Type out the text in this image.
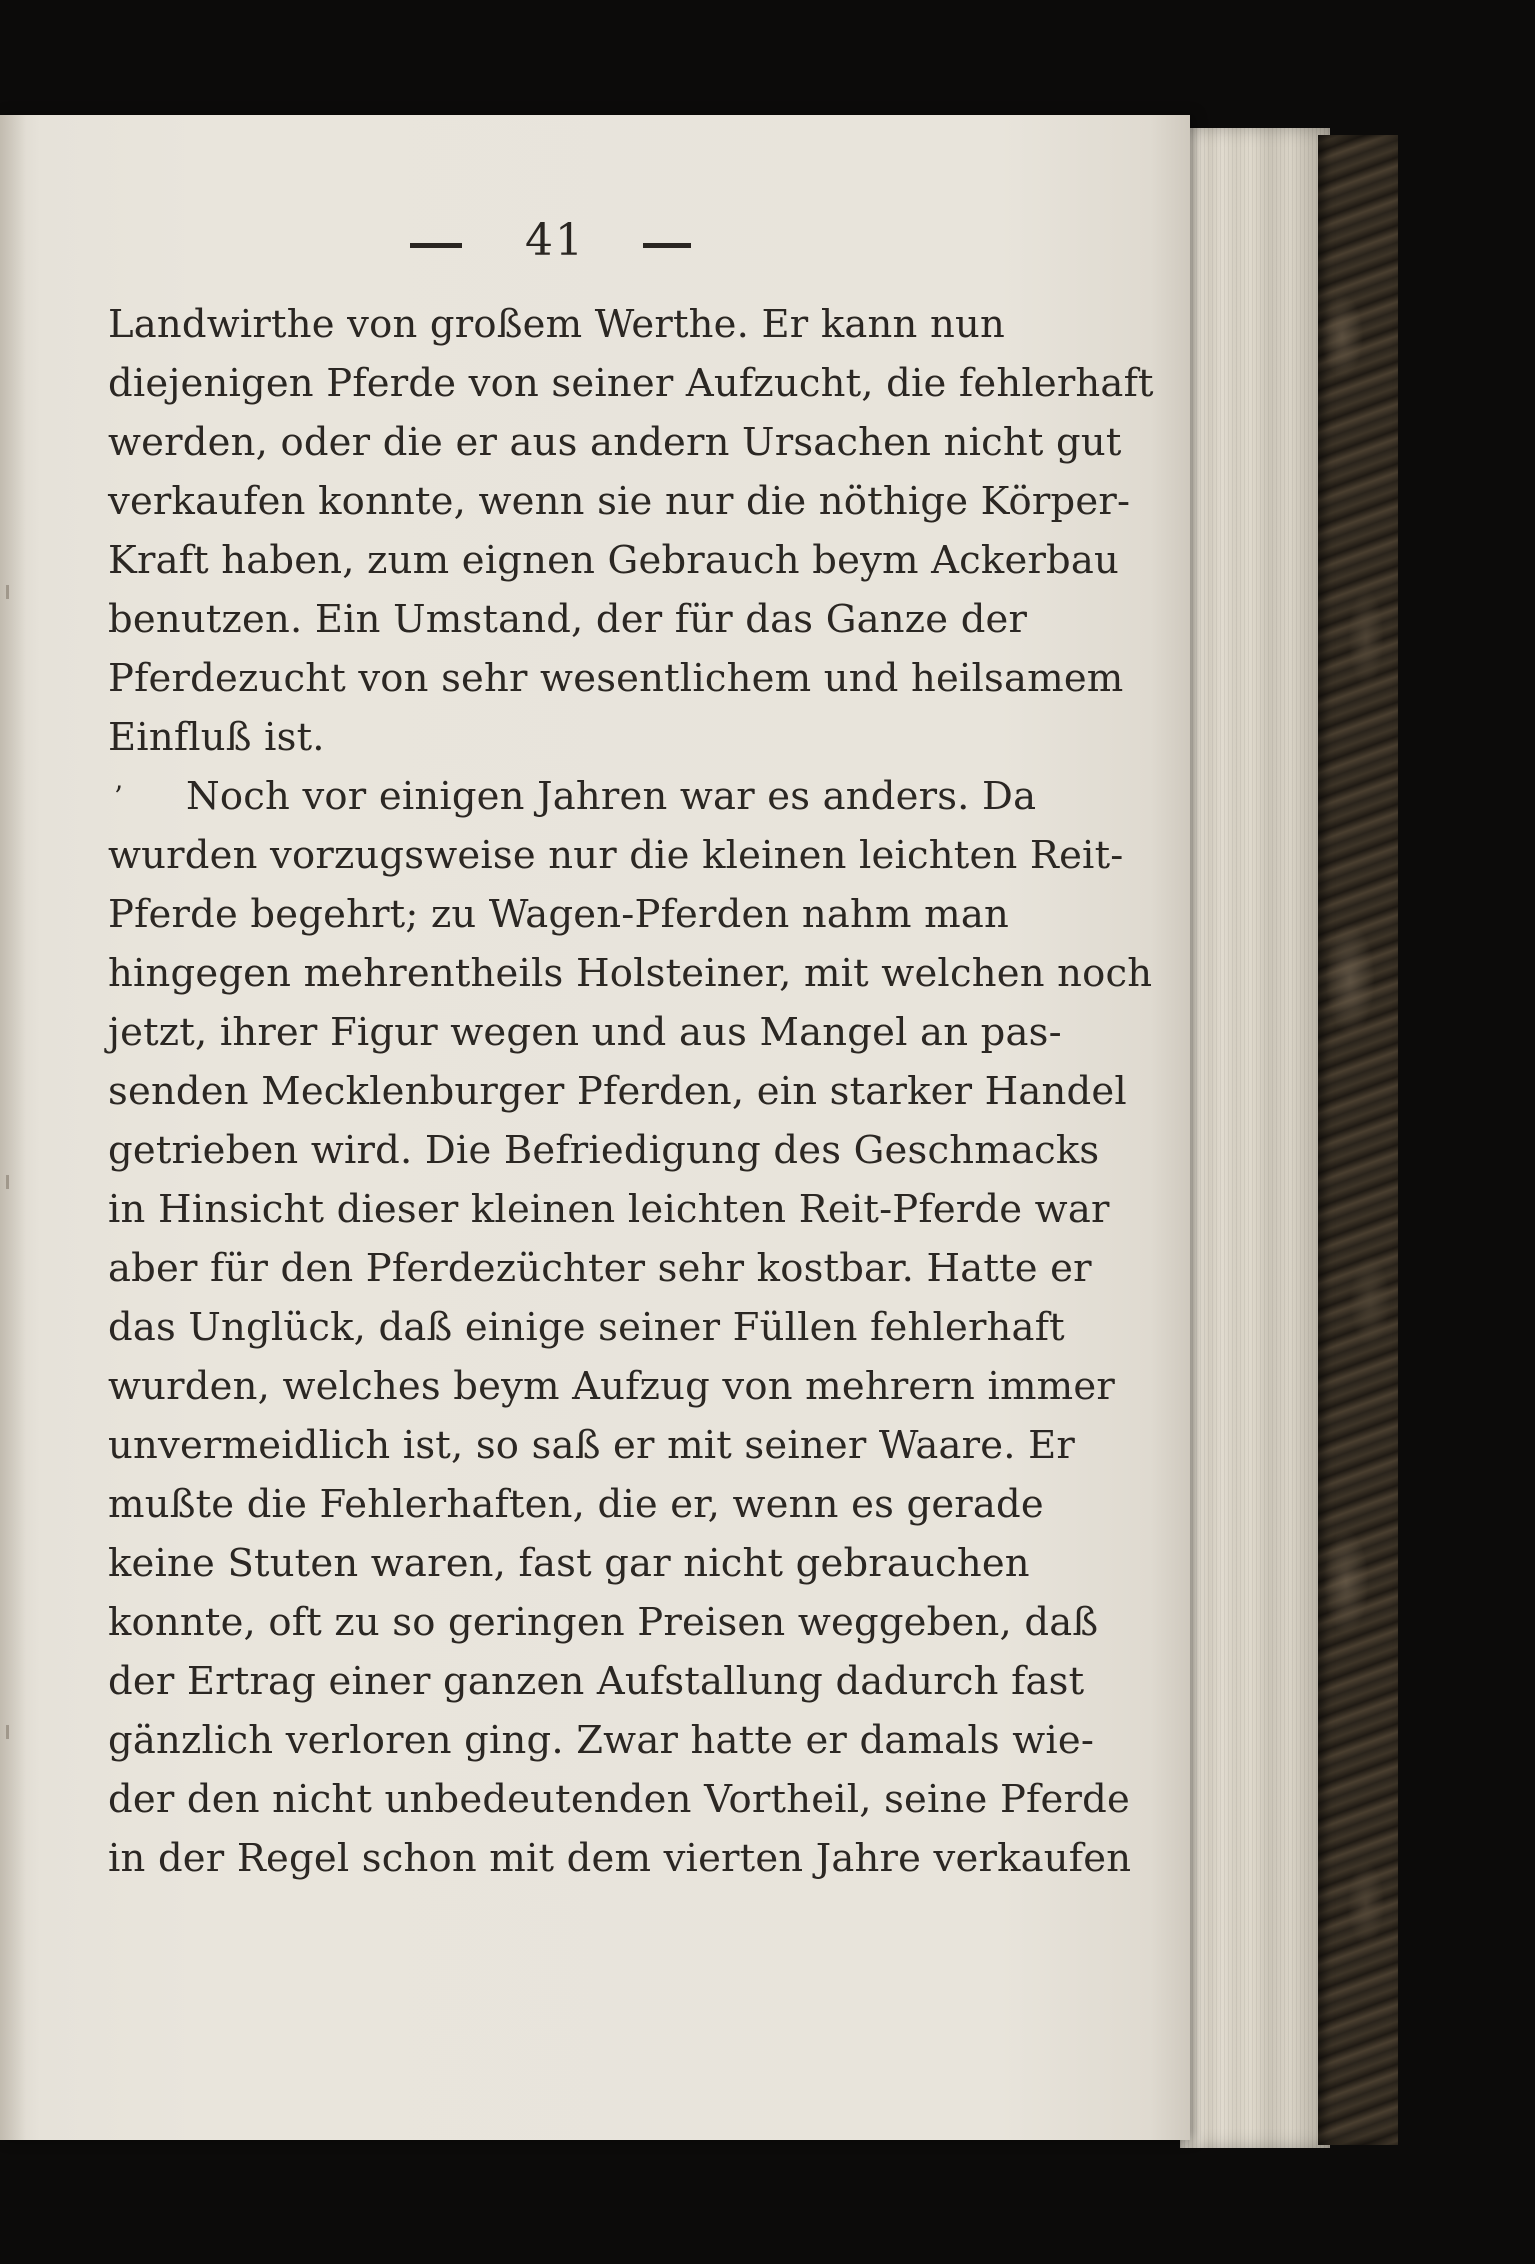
41
Landwirthe von großem Werthe. Er kann nun
diejenigen Pferde von seiner Aufzucht, die fehlerhaft
werden, oder die er aus andern Ursachen nicht gut
verkaufen konnte, wenn sie nur die nöthige Körper-
Kraft haben, zum eignen Gebrauch beym Ackerbau
benutzen. Ein Umstand, der für das Ganze der
Pferdezucht von sehr wesentlichem und heilsamem
Einfluß ist.
’ Noch vor einigen Jahren war es anders. Da
wurden vorzugsweise nur die kleinen leichten Reit-
Pferde begehrt; zu Wagen-Pferden nahm man
hingegen mehrentheils Holsteiner, mit welchen noch
jetzt, ihrer Figur wegen und aus Mangel an pas-
senden Mecklenburger Pferden, ein starker Handel
getrieben wird. Die Befriedigung des Geschmacks
in Hinsicht dieser kleinen leichten Reit-Pferde war
aber für den Pferdezüchter sehr kostbar. Hatte er
das Unglück, daß einige seiner Füllen fehlerhaft
wurden, welches beym Aufzug von mehrern immer
unvermeidlich ist, so saß er mit seiner Waare. Er
mußte die Fehlerhaften, die er, wenn es gerade
keine Stuten waren, fast gar nicht gebrauchen
konnte, oft zu so geringen Preisen weggeben, daß
der Ertrag einer ganzen Aufstallung dadurch fast
gänzlich verloren ging. Zwar hatte er damals wie-
der den nicht unbedeutenden Vortheil, seine Pferde
in der Regel schon mit dem vierten Jahre verkaufen
